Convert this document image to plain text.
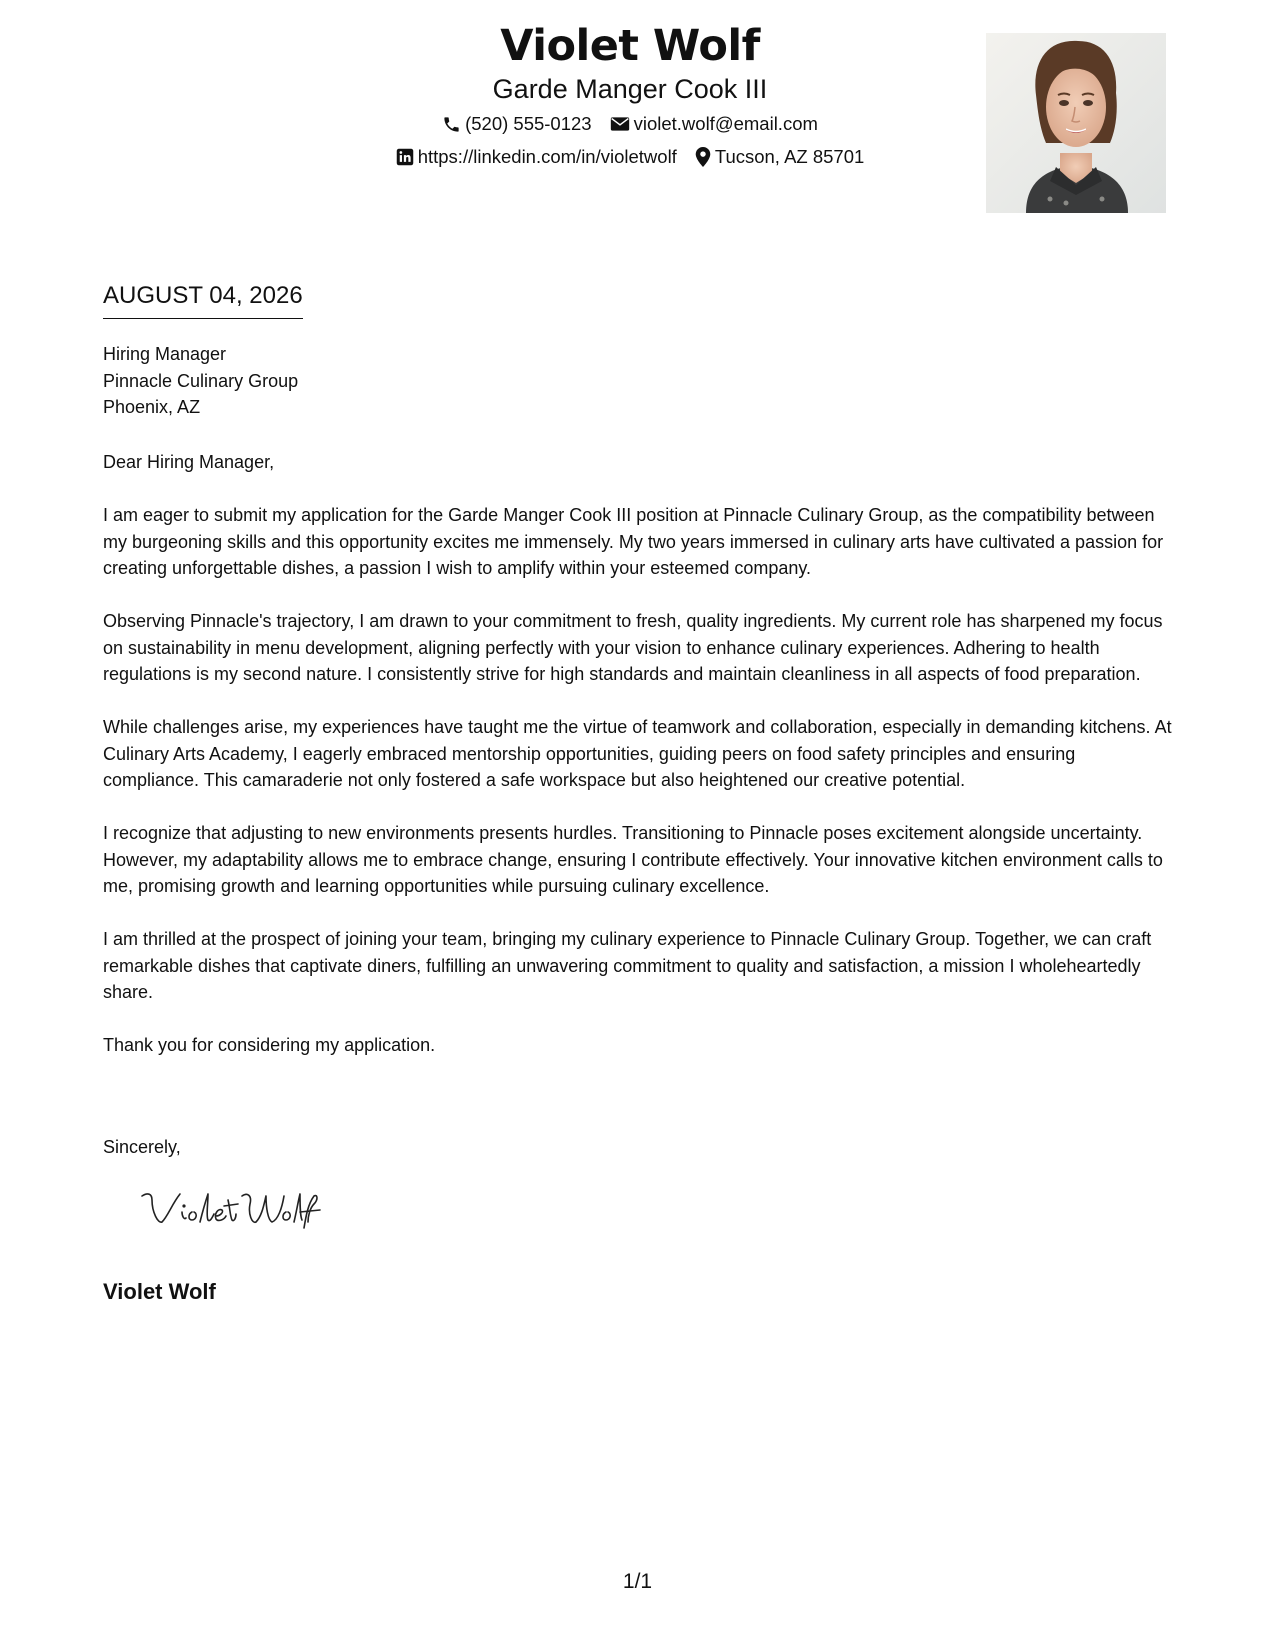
Violet Wolf
Garde Manger Cook III
(520) 555-0123 violet.wolf@email.com
https://linkedin.com/in/violetwolf Tucson, AZ 85701
AUGUST 04, 2026
Hiring Manager
Pinnacle Culinary Group
Phoenix, AZ

Dear Hiring Manager,

I am eager to submit my application for the Garde Manger Cook III position at Pinnacle Culinary Group, as the compatibility between my burgeoning skills and this opportunity excites me immensely. My two years immersed in culinary arts have cultivated a passion for creating unforgettable dishes, a passion I wish to amplify within your esteemed company.

Observing Pinnacle's trajectory, I am drawn to your commitment to fresh, quality ingredients. My current role has sharpened my focus on sustainability in menu development, aligning perfectly with your vision to enhance culinary experiences. Adhering to health regulations is my second nature. I consistently strive for high standards and maintain cleanliness in all aspects of food preparation.

While challenges arise, my experiences have taught me the virtue of teamwork and collaboration, especially in demanding kitchens. At Culinary Arts Academy, I eagerly embraced mentorship opportunities, guiding peers on food safety principles and ensuring compliance. This camaraderie not only fostered a safe workspace but also heightened our creative potential.

I recognize that adjusting to new environments presents hurdles. Transitioning to Pinnacle poses excitement alongside uncertainty. However, my adaptability allows me to embrace change, ensuring I contribute effectively. Your innovative kitchen environment calls to me, promising growth and learning opportunities while pursuing culinary excellence.

I am thrilled at the prospect of joining your team, bringing my culinary experience to Pinnacle Culinary Group. Together, we can craft remarkable dishes that captivate diners, fulfilling an unwavering commitment to quality and satisfaction, a mission I wholeheartedly share.

Thank you for considering my application.

Sincerely,
Violet Wolf
1/1
